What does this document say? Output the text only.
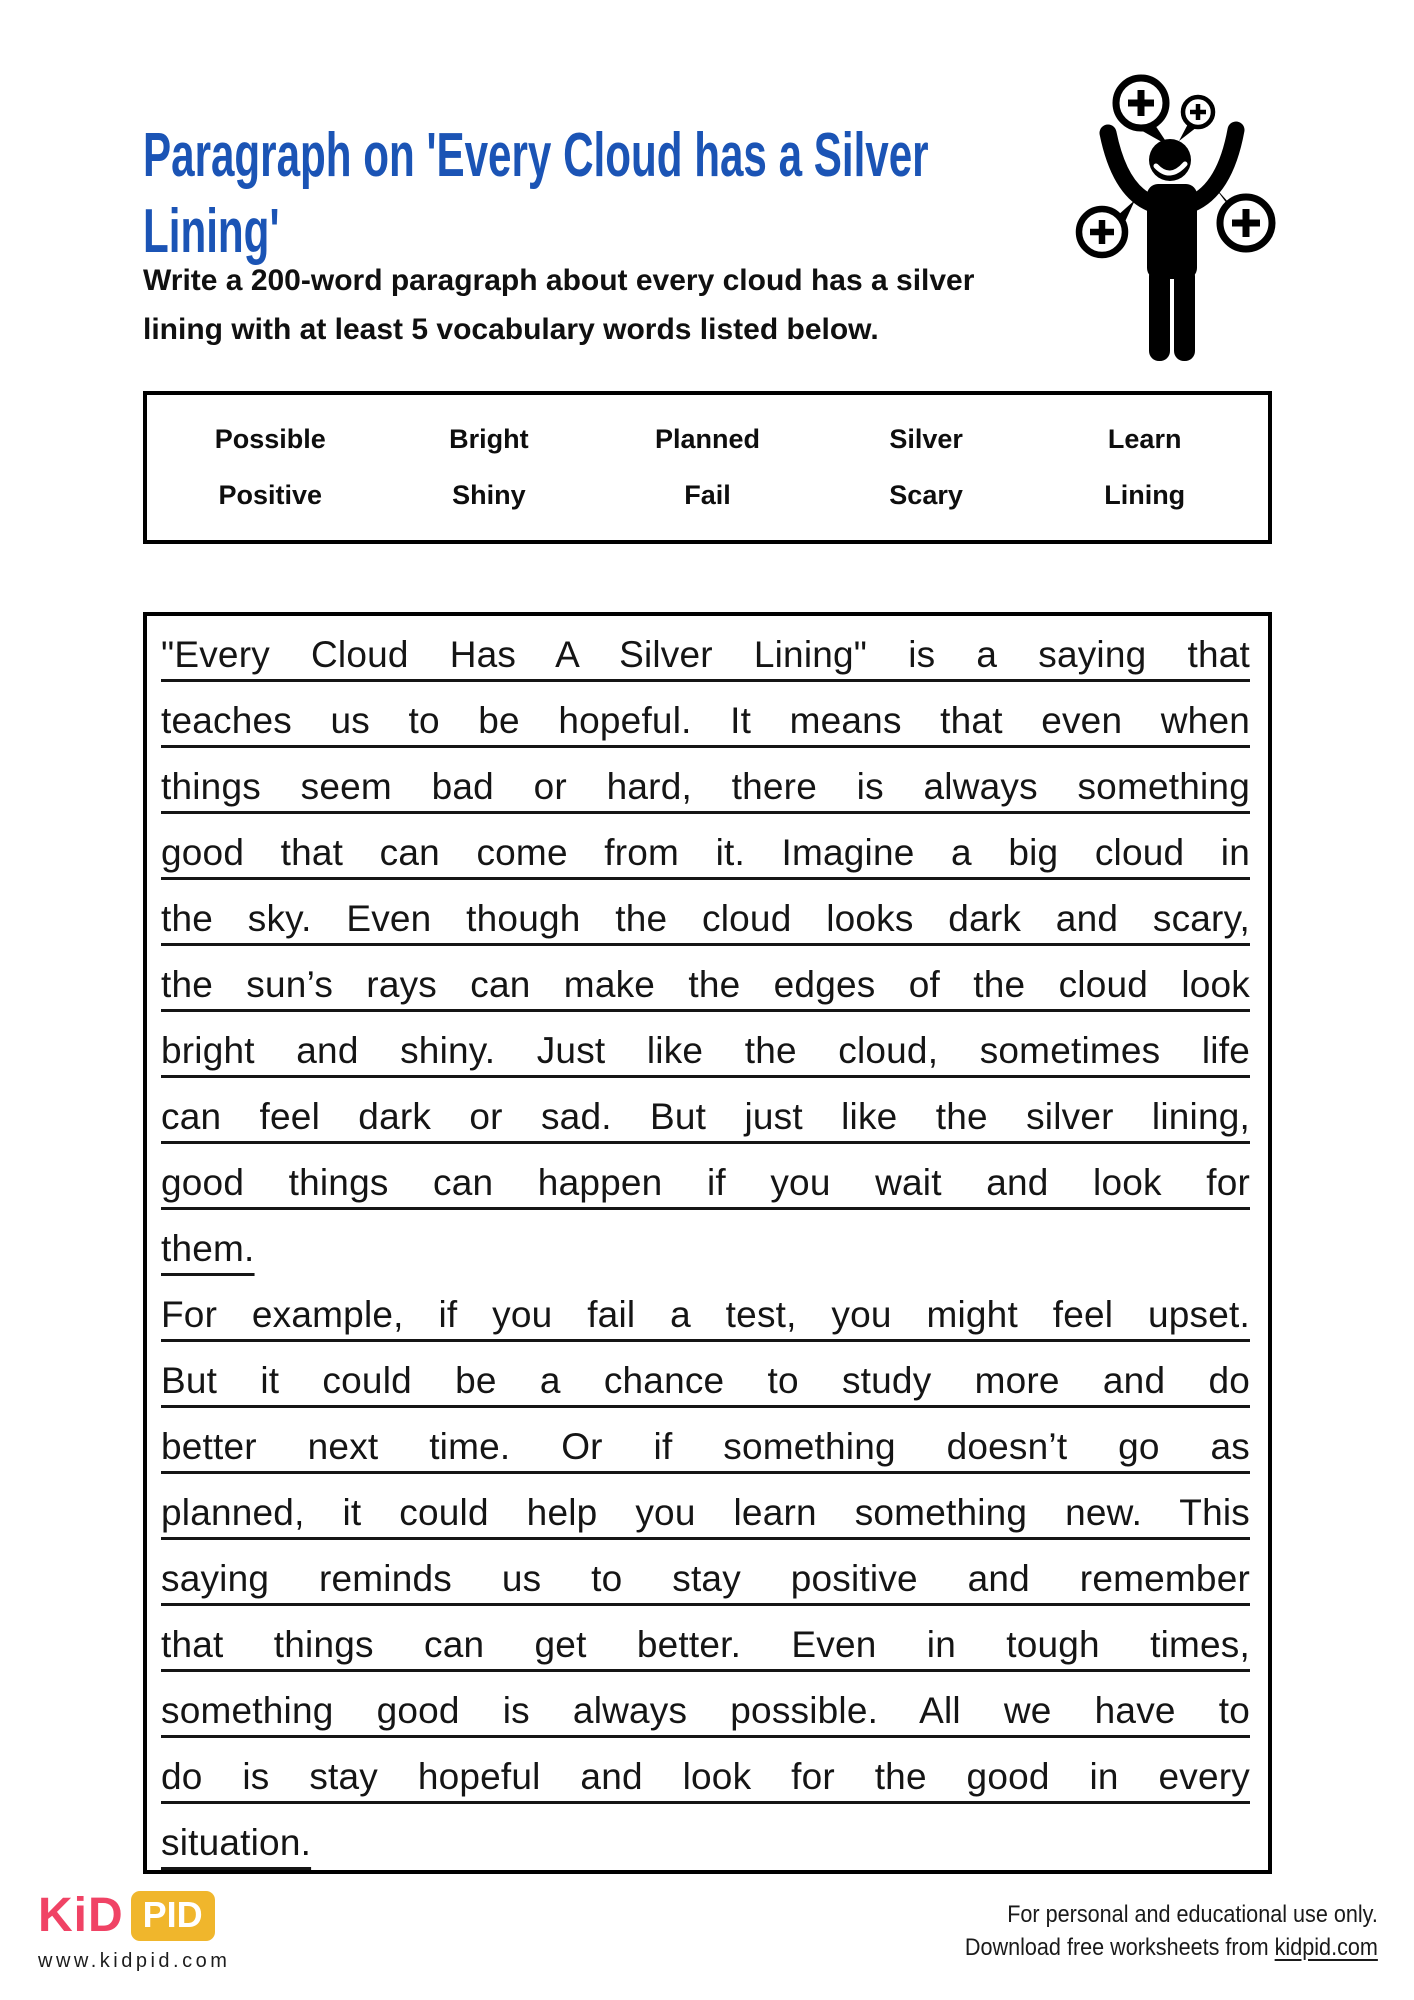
Paragraph on 'Every Cloud has a Silver
Lining'

Write a 200-word paragraph about every cloud has a silver
lining with at least 5 vocabulary words listed below.

Possible	Bright	Planned	Silver	Learn
Positive	Shiny	Fail	Scary	Lining
"Every Cloud Has A Silver Lining" is a saying that
teaches us to be hopeful. It means that even when
things seem bad or hard, there is always something
good that can come from it. Imagine a big cloud in
the sky. Even though the cloud looks dark and scary,
the sun’s rays can make the edges of the cloud look
bright and shiny. Just like the cloud, sometimes life
can feel dark or sad. But just like the silver lining,
good things can happen if you wait and look for
them.
For example, if you fail a test, you might feel upset.
But it could be a chance to study more and do
better next time. Or if something doesn’t go as
planned, it could help you learn something new. This
saying reminds us to stay positive and remember
that things can get better. Even in tough times,
something good is always possible. All we have to
do is stay hopeful and look for the good in every
situation.
KiD PID
www.kidpid.com
For personal and educational use only.
Download free worksheets from kidpid.com
